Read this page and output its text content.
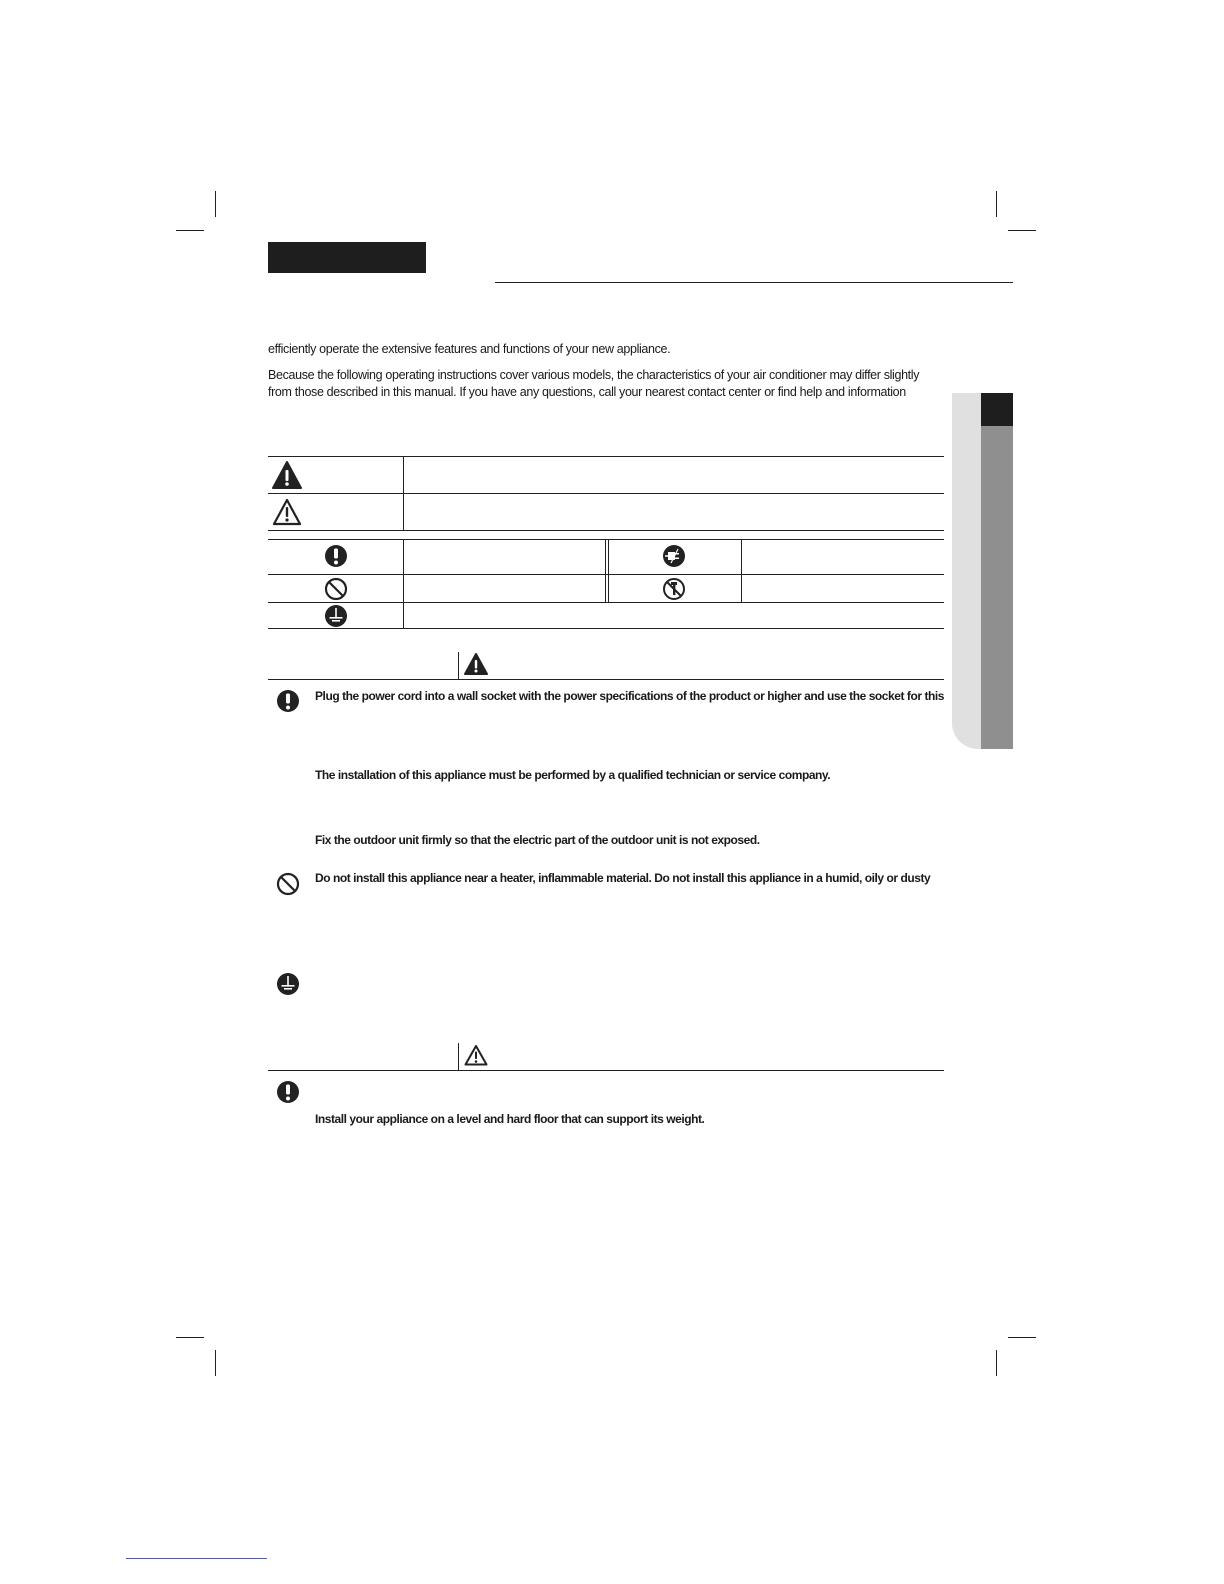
efficiently operate the extensive features and functions of your new appliance.
Because the following operating instructions cover various models, the characteristics of your air conditioner may differ slightly
from those described in this manual. If you have any questions, call your nearest contact center or find help and information
Plug the power cord into a wall socket with the power specifications of the product or higher and use the socket for this
The installation of this appliance must be performed by a qualified technician or service company.
Fix the outdoor unit firmly so that the electric part of the outdoor unit is not exposed.
Do not install this appliance near a heater, inflammable material. Do not install this appliance in a humid, oily or dusty
Install your appliance on a level and hard floor that can support its weight.
